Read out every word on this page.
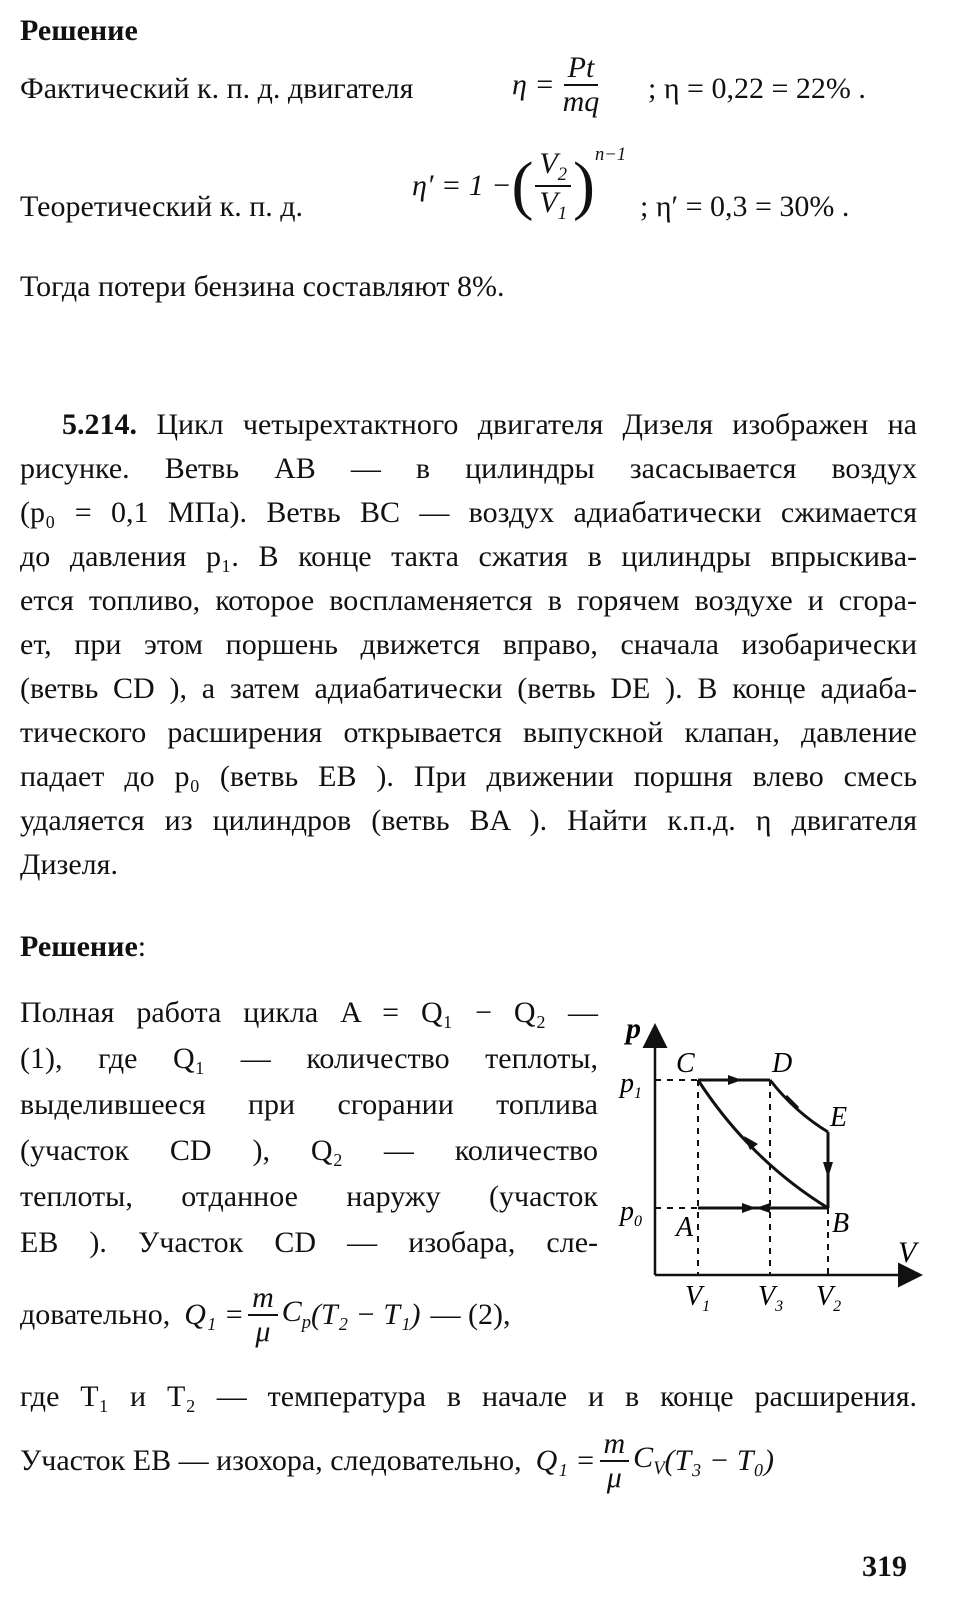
Решение
Фактический к. п. д. двигателя	$\eta = \frac{Pt}{mq}$ ; η = 0,22 = 22% .
Теоретический к. п. д.
η′ = 1 − ( $\frac{V_2}{V_1} )^{n-1}$
; η′ = 0,3 = 30% .
Тогда потери бензина составляют 8%.
5.214. Цикл четырехтактного двигателя Дизеля изображен на
рисунке. Ветвь AB — в цилиндры засасывается воздух
(p₀ = 0,1 МПа). Ветвь BC — воздух адиабатически сжимается
до давления p₁. В конце такта сжатия в цилиндры впрыскива-
ется топливо, которое воспламеняется в горячем воздухе и сгора-
ет, при этом поршень движется вправо, сначала изобарически
(ветвь CD ), а затем адиабатически (ветвь DE ). В конце адиаба-
тического расширения открывается выпускной клапан, давление
падает до p₀ (ветвь EB ). При движении поршня влево смесь
удаляется из цилиндров (ветвь BA ). Найти к.п.д. η двигателя
Дизеля.
Решение:
Полная работа цикла A = Q₁ − Q₂ —
(1), где Q₁ — количество теплоты,
выделившееся при сгорании топлива
(участок CD ), Q₂ — количество
теплоты, отданное наружу (участок
EB ). Участок CD — изобара, сле-
довательно, $Q_1 = \frac{m}{\mu} C_p$ (T₂ − T₁) — (2),
где T₁ и T₂ — температура в начале и в конце расширения.
Участок EB — изохора, следовательно, $Q_1 = \frac{m}{\mu} C_V$ (T₃ − T₀)
319
p
V
$p_1$
$p_0$
$V_1$ $V_3$ $V_2$
C	D
E
A	B
